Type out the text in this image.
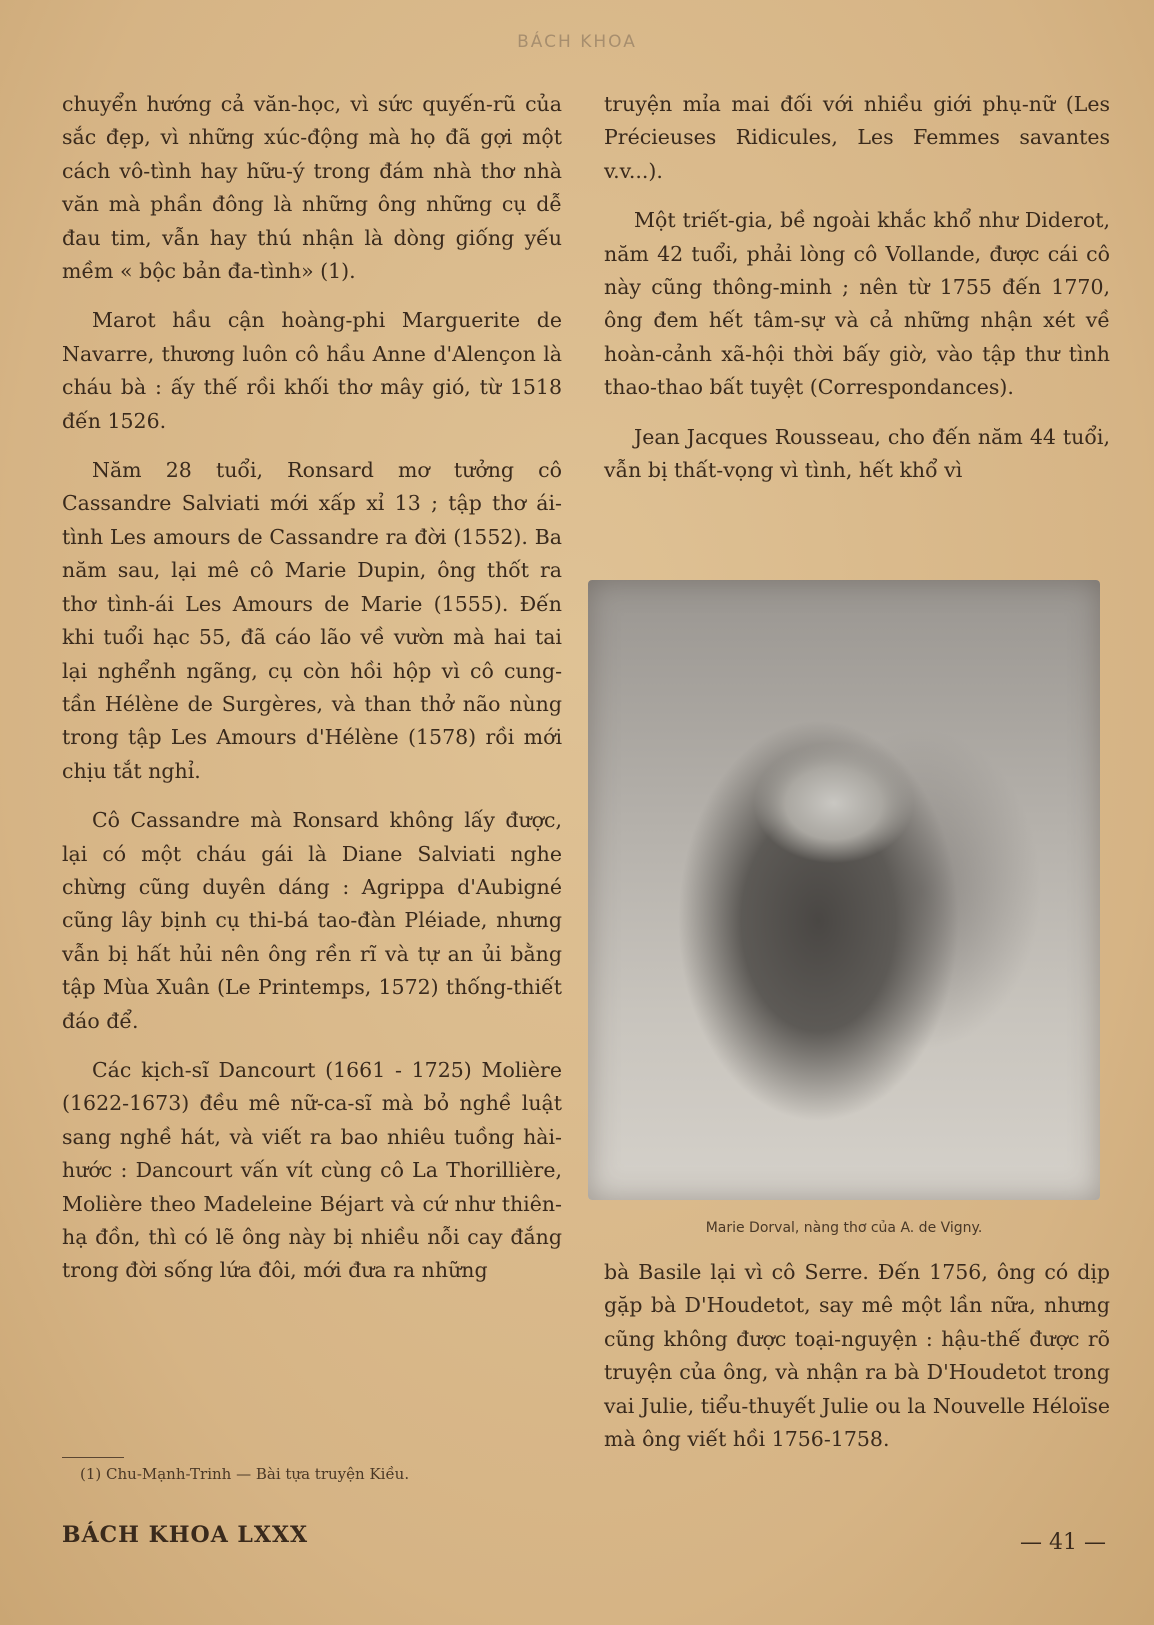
BÁCH KHOA

chuyển hướng cả văn-học, vì sức quyến-rũ của sắc đẹp, vì những xúc-động mà họ đã gợi một cách vô-tình hay hữu-ý trong đám nhà thơ nhà văn mà phần đông là những ông những cụ dễ đau tim, vẫn hay thú nhận là dòng giống yếu mềm « bộc bản đa-tình» (1).

Marot hầu cận hoàng-phi Marguerite de Navarre, thương luôn cô hầu Anne d'Alençon là cháu bà : ấy thế rồi khối thơ mây gió, từ 1518 đến 1526.

Năm 28 tuổi, Ronsard mơ tưởng cô Cassandre Salviati mới xấp xỉ 13 ; tập thơ ái-tình Les amours de Cassandre ra đời (1552). Ba năm sau, lại mê cô Marie Dupin, ông thốt ra thơ tình-ái Les Amours de Marie (1555). Đến khi tuổi hạc 55, đã cáo lão về vườn mà hai tai lại nghểnh ngãng, cụ còn hồi hộp vì cô cung-tần Hélène de Surgères, và than thở não nùng trong tập Les Amours d'Hélène (1578) rồi mới chịu tắt nghỉ.

Cô Cassandre mà Ronsard không lấy được, lại có một cháu gái là Diane Salviati nghe chừng cũng duyên dáng : Agrippa d'Aubigné cũng lây bịnh cụ thi-bá tao-đàn Pléiade, nhưng vẫn bị hất hủi nên ông rền rĩ và tự an ủi bằng tập Mùa Xuân (Le Printemps, 1572) thống-thiết đáo để.

Các kịch-sĩ Dancourt (1661 - 1725) Molière (1622-1673) đều mê nữ-ca-sĩ mà bỏ nghề luật sang nghề hát, và viết ra bao nhiêu tuồng hài-hước : Dancourt vấn vít cùng cô La Thorillière, Molière theo Madeleine Béjart và cứ như thiên-hạ đồn, thì có lẽ ông này bị nhiều nỗi cay đắng trong đời sống lứa đôi, mới đưa ra những

(1) Chu-Mạnh-Trinh — Bài tựa truyện Kiều.

truyện mỉa mai đối với nhiều giới phụ-nữ (Les Précieuses Ridicules, Les Femmes savantes v.v...).

Một triết-gia, bề ngoài khắc khổ như Diderot, năm 42 tuổi, phải lòng cô Vollande, được cái cô này cũng thông-minh ; nên từ 1755 đến 1770, ông đem hết tâm-sự và cả những nhận xét về hoàn-cảnh xã-hội thời bấy giờ, vào tập thư tình thao-thao bất tuyệt (Correspondances).

Jean Jacques Rousseau, cho đến năm 44 tuổi, vẫn bị thất-vọng vì tình, hết khổ vì

Marie Dorval, nàng thơ của A. de Vigny.

bà Basile lại vì cô Serre. Đến 1756, ông có dịp gặp bà D'Houdetot, say mê một lần nữa, nhưng cũng không được toại-nguyện : hậu-thế được rõ truyện của ông, và nhận ra bà D'Houdetot trong vai Julie, tiểu-thuyết Julie ou la Nouvelle Héloïse mà ông viết hồi 1756-1758.

BÁCH KHOA LXXX	— 41 —
